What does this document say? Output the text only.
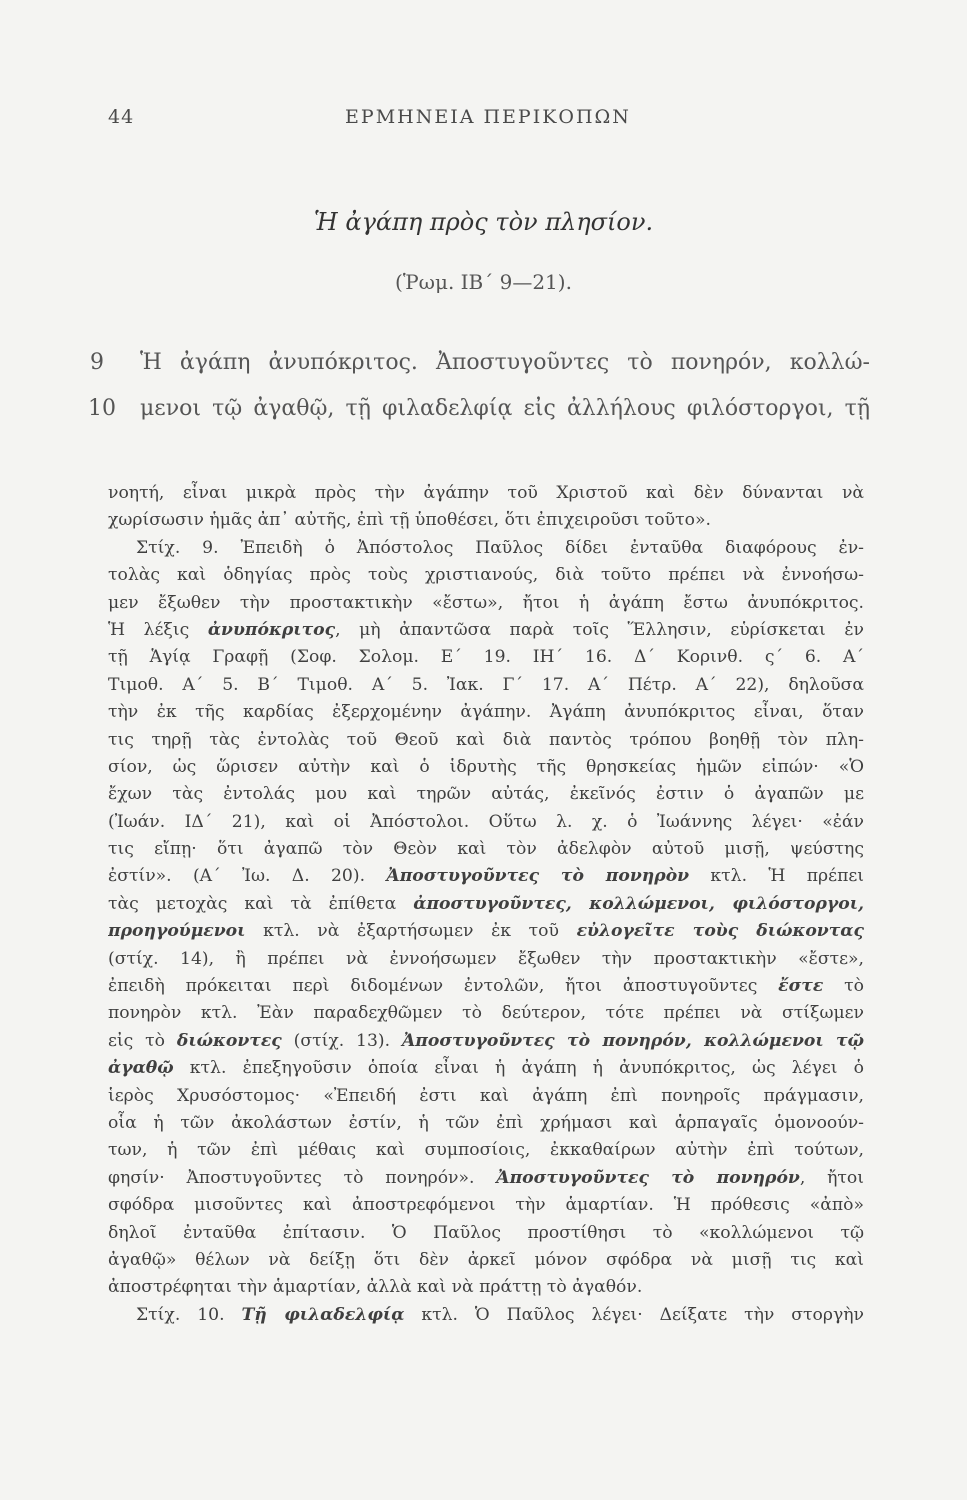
44	ΕΡΜΗΝΕΙΑ ΠΕΡΙΚΟΠΩΝ
Ἡ ἀγάπη πρὸς τὸν πλησίον.
(Ῥωμ. ΙΒ΄ 9—21).
9	Ἡ ἀγάπη ἀνυπόκριτος. Ἀποστυγοῦντες τὸ πονηρόν, κολλώ-
10	μενοι τῷ ἀγαθῷ, τῇ φιλαδελφίᾳ εἰς ἀλλήλους φιλόστοργοι, τῇ
νοητή, εἶναι μικρὰ πρὸς τὴν ἀγάπην τοῦ Χριστοῦ καὶ δὲν δύνανται νὰ
χωρίσωσιν ἡμᾶς ἀπ᾽ αὐτῆς, ἐπὶ τῇ ὑποθέσει, ὅτι ἐπιχειροῦσι τοῦτο».
Στίχ. 9. Ἐπειδὴ ὁ Ἀπόστολος Παῦλος δίδει ἐνταῦθα διαφόρους ἐν-
τολὰς καὶ ὁδηγίας πρὸς τοὺς χριστιανούς, διὰ τοῦτο πρέπει νὰ ἐννοήσω-
μεν ἔξωθεν τὴν προστακτικὴν «ἔστω», ἤτοι ἡ ἀγάπη ἔστω ἀνυπόκριτος.
Ἡ λέξις ἀνυπόκριτος, μὴ ἀπαντῶσα παρὰ τοῖς Ἕλλησιν, εὑρίσκεται ἐν
τῇ Ἁγίᾳ Γραφῇ (Σοφ. Σολομ. Ε΄ 19. ΙΗ΄ 16. Δ΄ Κορινθ. ς΄ 6. Α΄
Τιμοθ. Α΄ 5. Β΄ Τιμοθ. Α΄ 5. Ἰακ. Γ΄ 17. Α΄ Πέτρ. Α΄ 22), δηλοῦσα
τὴν ἐκ τῆς καρδίας ἐξερχομένην ἀγάπην. Ἀγάπη ἀνυπόκριτος εἶναι, ὅταν
τις τηρῇ τὰς ἐντολὰς τοῦ Θεοῦ καὶ διὰ παντὸς τρόπου βοηθῇ τὸν πλη-
σίον, ὡς ὥρισεν αὐτὴν καὶ ὁ ἱδρυτὴς τῆς θρησκείας ἡμῶν εἰπών· «Ὁ
ἔχων τὰς ἐντολάς μου καὶ τηρῶν αὐτάς, ἐκεῖνός ἐστιν ὁ ἀγαπῶν με
(Ἰωάν. ΙΔ΄ 21), καὶ οἱ Ἀπόστολοι. Οὕτω λ. χ. ὁ Ἰωάννης λέγει· «ἐάν
τις εἴπῃ· ὅτι ἀγαπῶ τὸν Θεὸν καὶ τὸν ἀδελφὸν αὐτοῦ μισῇ, ψεύστης
ἐστίν». (Α΄ Ἰω. Δ. 20). Ἀποστυγοῦντες τὸ πονηρὸν κτλ. Ἡ πρέπει
τὰς μετοχὰς καὶ τὰ ἐπίθετα ἀποστυγοῦντες, κολλώμενοι, φιλόστοργοι,
προηγούμενοι κτλ. νὰ ἐξαρτήσωμεν ἐκ τοῦ εὐλογεῖτε τοὺς διώκοντας
(στίχ. 14), ἢ πρέπει νὰ ἐννοήσωμεν ἔξωθεν τὴν προστακτικὴν «ἔστε»,
ἐπειδὴ πρόκειται περὶ διδομένων ἐντολῶν, ἤτοι ἀποστυγοῦντες ἔστε τὸ
πονηρὸν κτλ. Ἐὰν παραδεχθῶμεν τὸ δεύτερον, τότε πρέπει νὰ στίξωμεν
εἰς τὸ διώκοντες (στίχ. 13). Ἀποστυγοῦντες τὸ πονηρόν, κολλώμενοι τῷ
ἀγαθῷ κτλ. ἐπεξηγοῦσιν ὁποία εἶναι ἡ ἀγάπη ἡ ἀνυπόκριτος, ὡς λέγει ὁ
ἱερὸς Χρυσόστομος· «Ἐπειδή ἐστι καὶ ἀγάπη ἐπὶ πονηροῖς πράγμασιν,
οἷα ἡ τῶν ἀκολάστων ἐστίν, ἡ τῶν ἐπὶ χρήμασι καὶ ἁρπαγαῖς ὁμονοούν-
των, ἡ τῶν ἐπὶ μέθαις καὶ συμποσίοις, ἐκκαθαίρων αὐτὴν ἐπὶ τούτων,
φησίν· Ἀποστυγοῦντες τὸ πονηρόν». Ἀποστυγοῦντες τὸ πονηρόν, ἤτοι
σφόδρα μισοῦντες καὶ ἀποστρεφόμενοι τὴν ἁμαρτίαν. Ἡ πρόθεσις «ἀπὸ»
δηλοῖ ἐνταῦθα ἐπίτασιν. Ὁ Παῦλος προστίθησι τὸ «κολλώμενοι τῷ
ἀγαθῷ» θέλων νὰ δείξῃ ὅτι δὲν ἀρκεῖ μόνον σφόδρα νὰ μισῇ τις καὶ
ἀποστρέφηται τὴν ἁμαρτίαν, ἀλλὰ καὶ νὰ πράττῃ τὸ ἀγαθόν.
Στίχ. 10. Τῇ φιλαδελφίᾳ κτλ. Ὁ Παῦλος λέγει· Δείξατε τὴν στοργὴν
